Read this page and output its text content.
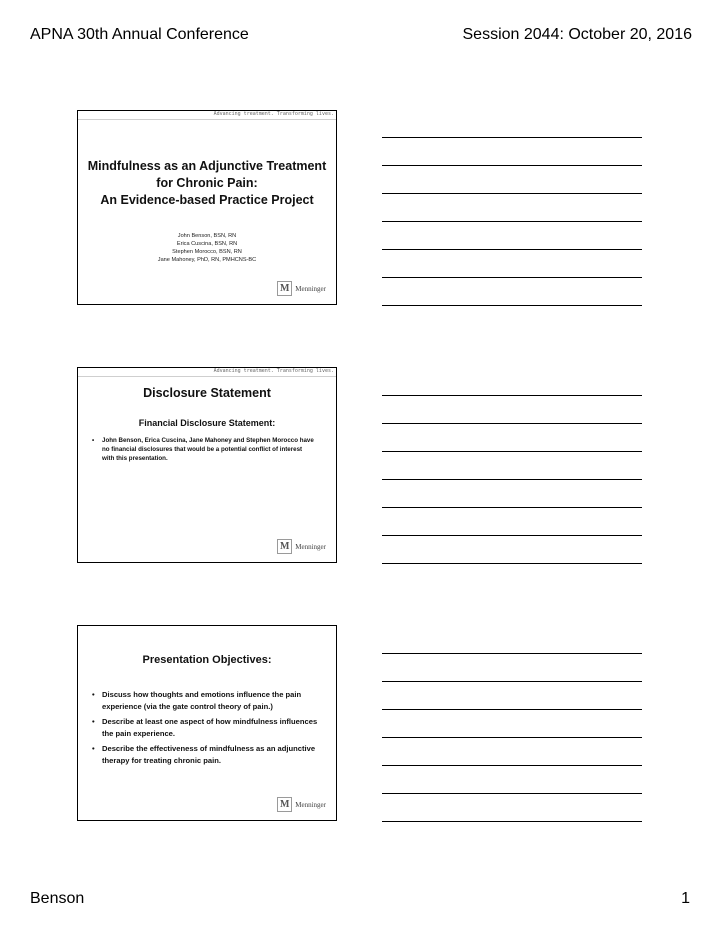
APNA 30th Annual Conference	Session 2044: October 20, 2016
Advancing treatment. Transforming lives.
Mindfulness as an Adjunctive Treatment
for Chronic Pain:
An Evidence-based Practice Project
John Benson, BSN, RN
Erica Cuscina, BSN, RN
Stephen Morocco, BSN, RN
Jane Mahoney, PhD, RN, PMHCNS-BC
M Menninger
Advancing treatment. Transforming lives.
Disclosure Statement
Financial Disclosure Statement:
• John Benson, Erica Cuscina, Jane Mahoney and Stephen Morocco have no financial disclosures that would be a potential conflict of interest with this presentation.
M Menninger
Presentation Objectives:
• Discuss how thoughts and emotions influence the pain experience (via the gate control theory of pain.)
• Describe at least one aspect of how mindfulness influences the pain experience.
• Describe the effectiveness of mindfulness as an adjunctive therapy for treating chronic pain.
M Menninger
Benson	1
